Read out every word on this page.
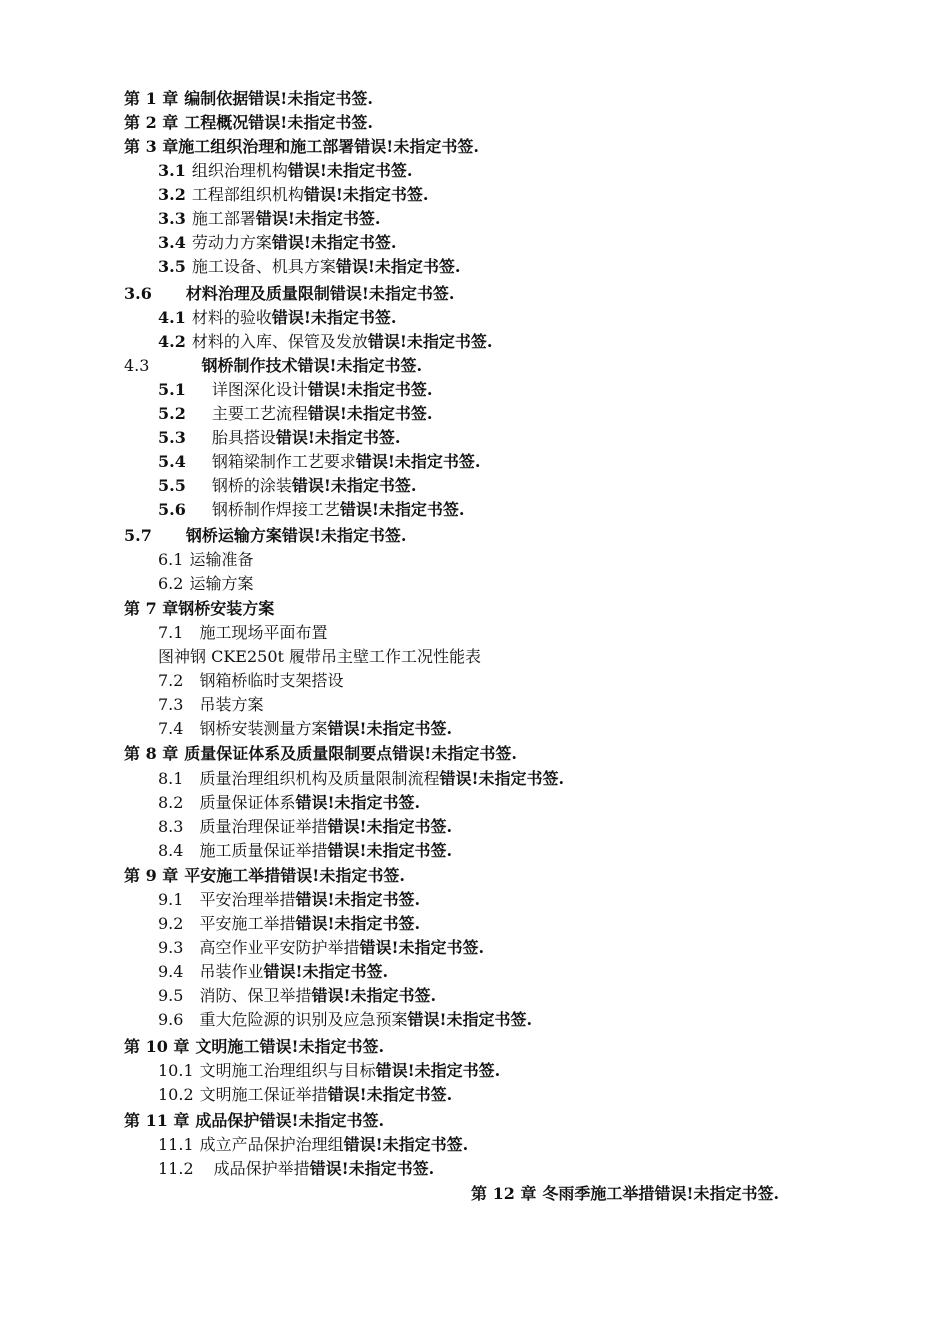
第 1 章 编制依据错误!未指定书签.
第 2 章 工程概况错误!未指定书签.
第 3 章施工组织治理和施工部署错误!未指定书签.
3.1 组织治理机构错误!未指定书签.
3.2 工程部组织机构错误!未指定书签.
3.3 施工部署错误!未指定书签.
3.4 劳动力方案错误!未指定书签.
3.5 施工设备、机具方案错误!未指定书签.
3.6 材料治理及质量限制错误!未指定书签.
4.1 材料的验收错误!未指定书签.
4.2 材料的入库、保管及发放错误!未指定书签.
4.3	钢桥制作技术错误!未指定书签.
5.1 详图深化设计错误!未指定书签.
5.2 主要工艺流程错误!未指定书签.
5.3 胎具搭设错误!未指定书签.
5.4 钢箱梁制作工艺要求错误!未指定书签.
5.5 钢桥的涂装错误!未指定书签.
5.6 钢桥制作焊接工艺错误!未指定书签.
5.7 钢桥运输方案错误!未指定书签.
6.1 运输准备
6.2 运输方案
第 7 章钢桥安装方案
7.1 施工现场平面布置
图神钢 CKE250t 履带吊主壁工作工况性能表
7.2 钢箱桥临时支架搭设
7.3 吊装方案
7.4 钢桥安装测量方案错误!未指定书签.
第 8 章 质量保证体系及质量限制要点错误!未指定书签.
8.1 质量治理组织机构及质量限制流程错误!未指定书签.
8.2 质量保证体系错误!未指定书签.
8.3 质量治理保证举措错误!未指定书签.
8.4 施工质量保证举措错误!未指定书签.
第 9 章 平安施工举措错误!未指定书签.
9.1 平安治理举措错误!未指定书签.
9.2 平安施工举措错误!未指定书签.
9.3 高空作业平安防护举措错误!未指定书签.
9.4 吊装作业错误!未指定书签.
9.5 消防、保卫举措错误!未指定书签.
9.6 重大危险源的识别及应急预案错误!未指定书签.
第 10 章 文明施工错误!未指定书签.
10.1 文明施工治理组织与目标错误!未指定书签.
10.2 文明施工保证举措错误!未指定书签.
第 11 章 成品保护错误!未指定书签.
11.1 成立产品保护治理组错误!未指定书签.
11.2 成品保护举措错误!未指定书签.
第 12 章 冬雨季施工举措错误!未指定书签.
